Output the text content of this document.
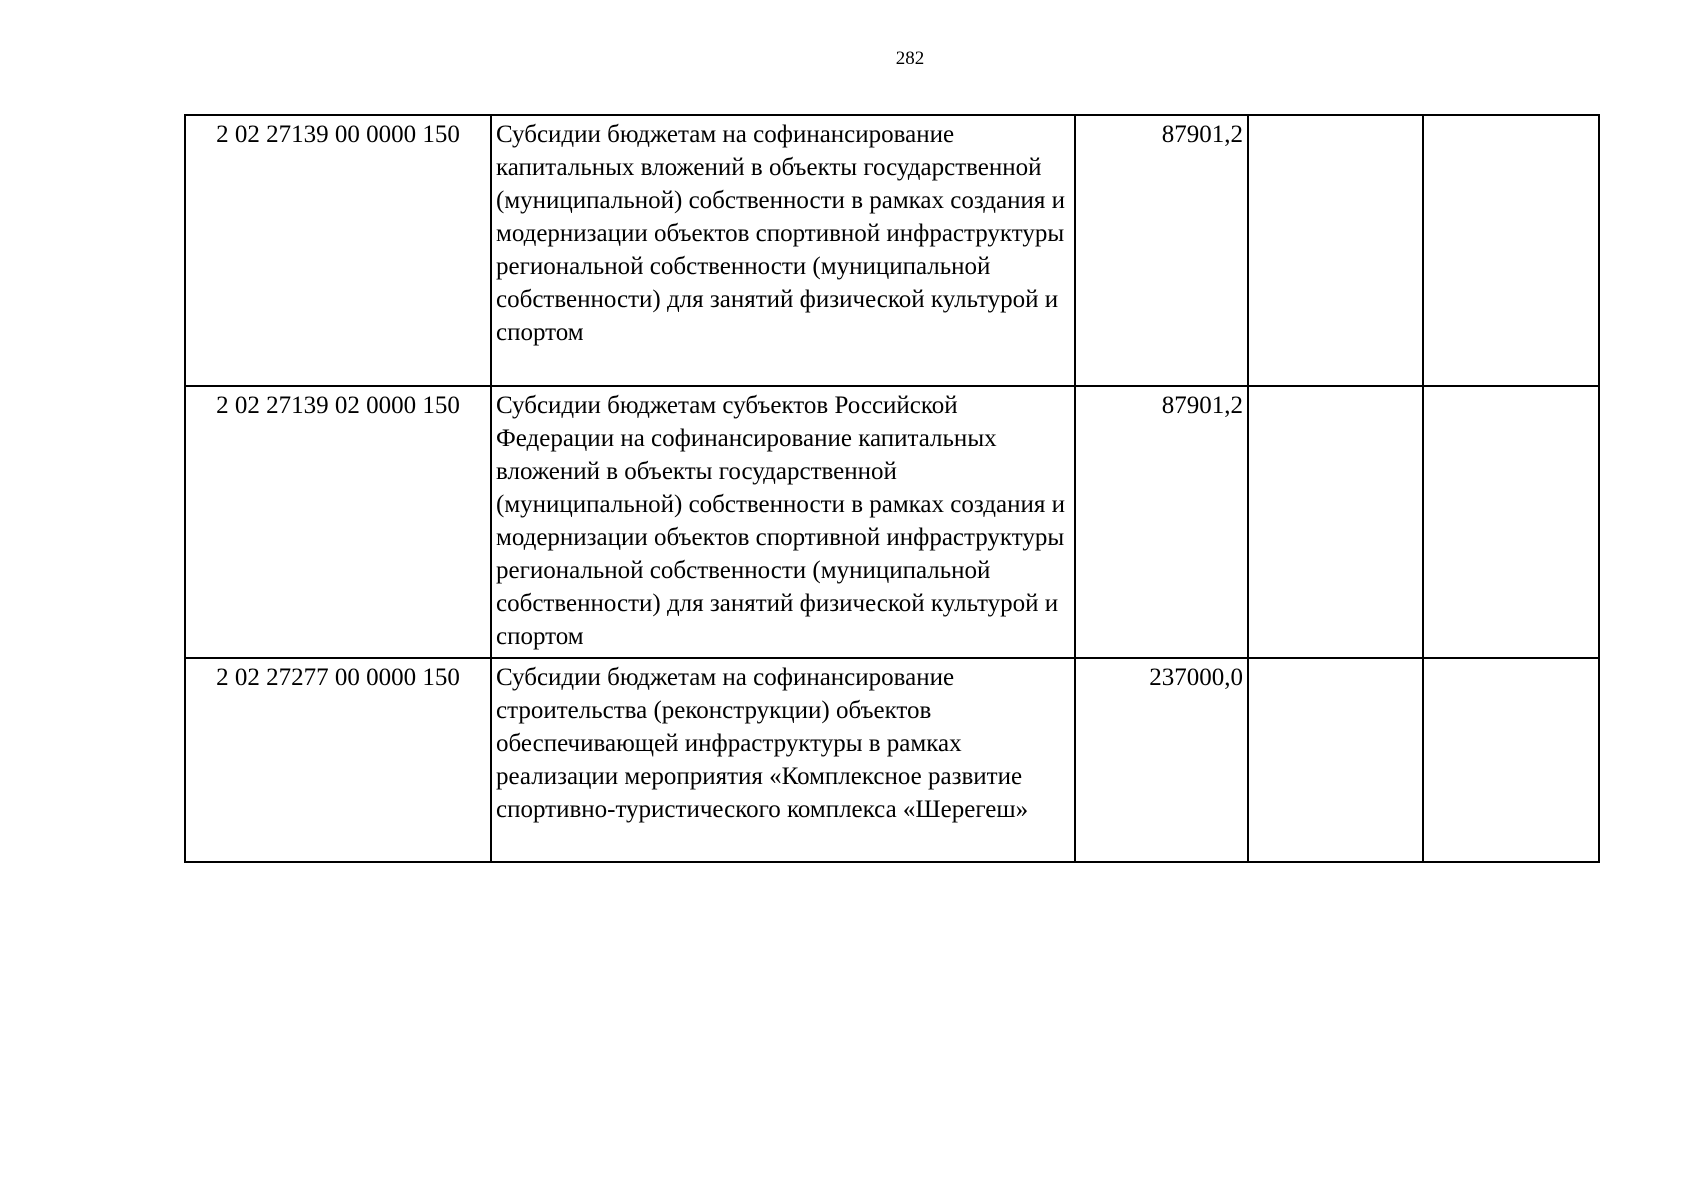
282
2 02 27139 00 0000 150	Субсидии бюджетам на софинансирование капитальных вложений в объекты государственной (муниципальной) собственности в рамках создания и модернизации объектов спортивной инфраструктуры региональной собственности (муниципальной собственности) для занятий физической культурой и спортом	87901,2		
2 02 27139 02 0000 150	Субсидии бюджетам субъектов Российской Федерации на софинансирование капитальных вложений в объекты государственной (муниципальной) собственности в рамках создания и модернизации объектов спортивной инфраструктуры региональной собственности (муниципальной собственности) для занятий физической культурой и спортом	87901,2		
2 02 27277 00 0000 150	Субсидии бюджетам на софинансирование строительства (реконструкции) объектов обеспечивающей инфраструктуры в рамках реализации мероприятия «Комплексное развитие спортивно-туристического комплекса «Шерегеш»	237000,0		
